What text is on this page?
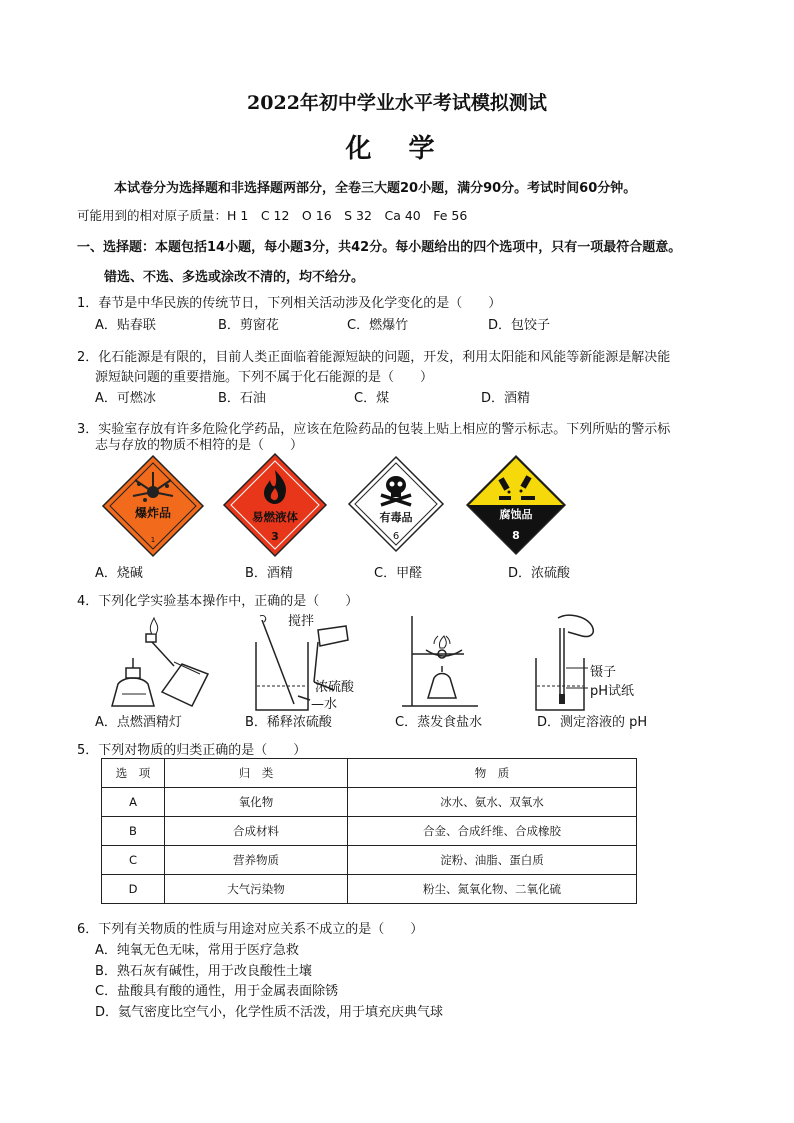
2022年初中学业水平考试模拟测试
化 学
本试卷分为选择题和非选择题两部分，全卷三大题20小题，满分90分。考试时间60分钟。
可能用到的相对原子质量：H 1　C 12　O 16　S 32　Ca 40　Fe 56
一、选择题：本题包括14小题，每小题3分，共42分。每小题给出的四个选项中，只有一项最符合题意。
错选、不选、多选或涂改不清的，均不给分。
1．春节是中华民族的传统节日，下列相关活动涉及化学变化的是（　　）
A．贴春联	B．剪窗花	C．燃爆竹	D．包饺子
2．化石能源是有限的，目前人类正面临着能源短缺的问题，开发，利用太阳能和风能等新能源是解决能
源短缺问题的重要措施。下列不属于化石能源的是（　　）
A．可燃冰	B．石油	C．煤	D．酒精
3．实验室存放有许多危险化学药品，应该在危险药品的包装上贴上相应的警示标志。下列所贴的警示标
志与存放的物质不相符的是（　　）
爆炸品
1
易燃液体
3
有毒品
6
腐蚀品
8
A．烧碱	B．酒精	C．甲醛	D．浓硫酸
4．下列化学实验基本操作中，正确的是（　　）
搅拌
浓硫酸
—水
镊子
pH试纸
A．点燃酒精灯	B．稀释浓硫酸	C．蒸发食盐水	D．测定溶液的 pH
5．下列对物质的归类正确的是（　　）
选　项	归　类	物　质
A	氧化物	冰水、氨水、双氧水
B	合成材料	合金、合成纤维、合成橡胶
C	营养物质	淀粉、油脂、蛋白质
D	大气污染物	粉尘、氮氧化物、二氧化硫
6．下列有关物质的性质与用途对应关系不成立的是（　　）
A．纯氧无色无味，常用于医疗急救
B．熟石灰有碱性，用于改良酸性土壤
C．盐酸具有酸的通性，用于金属表面除锈
D．氦气密度比空气小，化学性质不活泼，用于填充庆典气球
